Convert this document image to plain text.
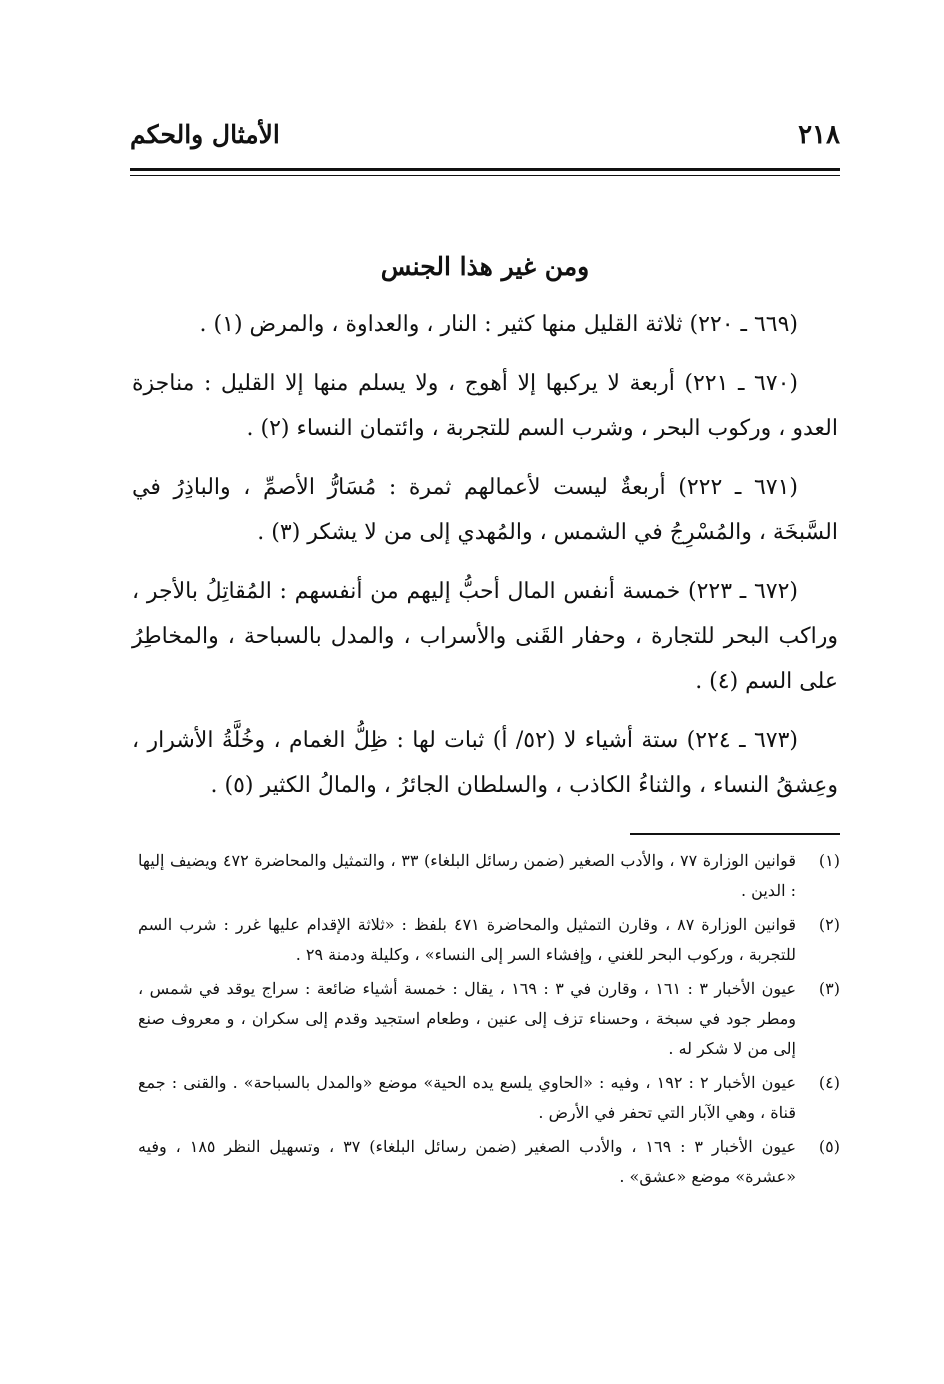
٢١٨
الأمثال والحكم
ومن غير هذا الجنس

(٦٦٩ ـ ٢٢٠) ثلاثة القليل منها كثير : النار ، والعداوة ، والمرض (١) .

(٦٧٠ ـ ٢٢١) أربعة لا يركبها إلا أهوج ، ولا يسلم منها إلا القليل : مناجزة العدو ، وركوب البحر ، وشرب السم للتجربة ، وائتمان النساء (٢) .

(٦٧١ ـ ٢٢٢) أربعةٌ ليست لأعمالهم ثمرة : مُسَارُّ الأصمِّ ، والباذِرُ في السَّبخَة ، والمُسْرِجُ في الشمس ، والمُهدي إلى من لا يشكر (٣) .

(٦٧٢ ـ ٢٢٣) خمسة أنفس المال أحبُّ إليهم من أنفسهم : المُقاتِلُ بالأجر ، وراكب البحر للتجارة ، وحفار القَنى والأسراب ، والمدل بالسباحة ، والمخاطِرُ على السم (٤) .

(٦٧٣ ـ ٢٢٤) ستة أشياء لا (٥٢/ أ) ثبات لها : ظِلُّ الغمام ، وخُلَّةُ الأشرار ، وعِشقُ النساء ، والثناءُ الكاذب ، والسلطان الجائرُ ، والمالُ الكثير (٥) .

(١)
قوانين الوزارة ٧٧ ، والأدب الصغير (ضمن رسائل البلغاء) ٣٣ ، والتمثيل والمحاضرة ٤٧٢ ويضيف إليها : الدين .
(٢)
قوانين الوزارة ٨٧ ، وقارن التمثيل والمحاضرة ٤٧١ بلفظ : «ثلاثة الإقدام عليها غرر : شرب السم للتجربة ، وركوب البحر للغني ، وإفشاء السر إلى النساء» ، وكليلة ودمنة ٢٩ .
(٣)
عيون الأخبار ٣ : ١٦١ ، وقارن في ٣ : ١٦٩ ، يقال : خمسة أشياء ضائعة : سراج يوقد في شمس ، ومطر جود في سبخة ، وحسناء تزف إلى عنين ، وطعام استجيد وقدم إلى سكران ، و معروف صنع إلى من لا شكر له .
(٤)
عيون الأخبار ٢ : ١٩٢ ، وفيه : «الحاوي يلسع يده الحية» موضع «والمدل بالسباحة» . والقنى : جمع قناة ، وهي الآبار التي تحفر في الأرض .
(٥)
عيون الأخبار ٣ : ١٦٩ ، والأدب الصغير (ضمن رسائل البلغاء) ٣٧ ، وتسهيل النظر ١٨٥ ، وفيه «عشرة» موضع «عشق» .
